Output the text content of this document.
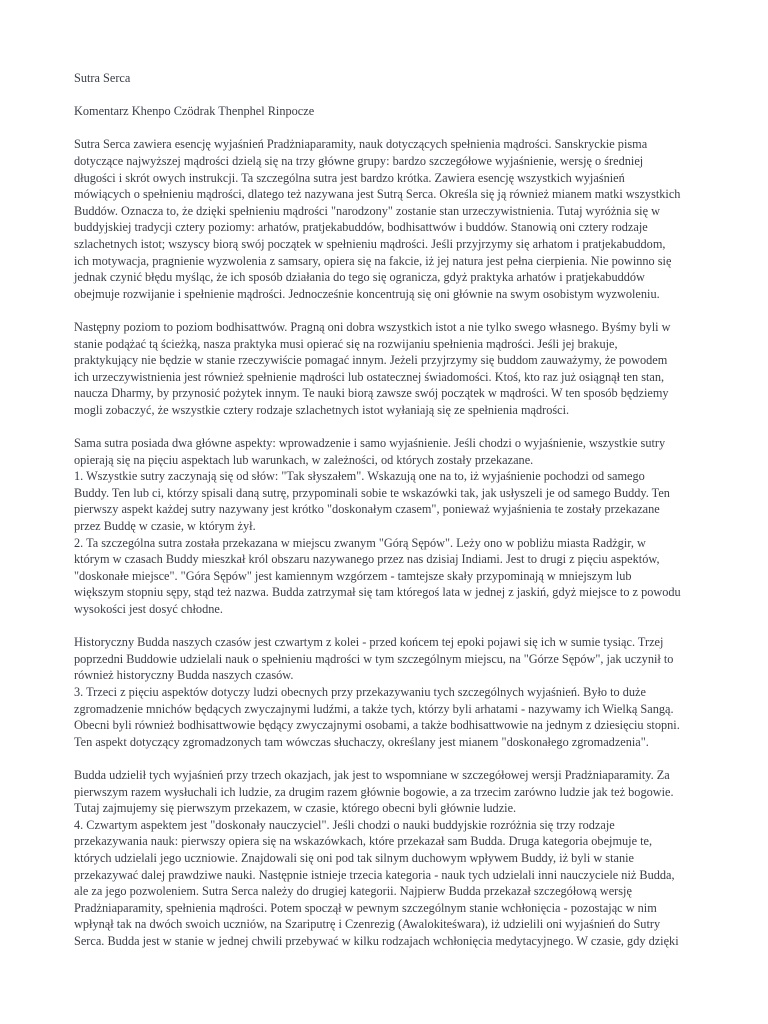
Sutra Serca
Komentarz Khenpo Czödrak Thenphel Rinpocze
Sutra Serca zawiera esencję wyjaśnień Pradżniaparamity, nauk dotyczących spełnienia mądrości. Sanskryckie pisma
dotyczące najwyższej mądrości dzielą się na trzy główne grupy: bardzo szczegółowe wyjaśnienie, wersję o średniej
długości i skrót owych instrukcji. Ta szczególna sutra jest bardzo krótka. Zawiera esencję wszystkich wyjaśnień
mówiących o spełnieniu mądrości, dlatego też nazywana jest Sutrą Serca. Określa się ją również mianem matki wszystkich
Buddów. Oznacza to, że dzięki spełnieniu mądrości "narodzony" zostanie stan urzeczywistnienia. Tutaj wyróżnia się w
buddyjskiej tradycji cztery poziomy: arhatów, pratjekabuddów, bodhisattwów i buddów. Stanowią oni cztery rodzaje
szlachetnych istot; wszyscy biorą swój początek w spełnieniu mądrości. Jeśli przyjrzymy się arhatom i pratjekabuddom,
ich motywacja, pragnienie wyzwolenia z samsary, opiera się na fakcie, iż jej natura jest pełna cierpienia. Nie powinno się
jednak czynić błędu myśląc, że ich sposób działania do tego się ogranicza, gdyż praktyka arhatów i pratjekabuddów
obejmuje rozwijanie i spełnienie mądrości. Jednocześnie koncentrują się oni głównie na swym osobistym wyzwoleniu.
Następny poziom to poziom bodhisattwów. Pragną oni dobra wszystkich istot a nie tylko swego własnego. Byśmy byli w
stanie podążać tą ścieżką, nasza praktyka musi opierać się na rozwijaniu spełnienia mądrości. Jeśli jej brakuje,
praktykujący nie będzie w stanie rzeczywiście pomagać innym. Jeżeli przyjrzymy się buddom zauważymy, że powodem
ich urzeczywistnienia jest również spełnienie mądrości lub ostatecznej świadomości. Ktoś, kto raz już osiągnął ten stan,
naucza Dharmy, by przynosić pożytek innym. Te nauki biorą zawsze swój początek w mądrości. W ten sposób będziemy
mogli zobaczyć, że wszystkie cztery rodzaje szlachetnych istot wyłaniają się ze spełnienia mądrości.
Sama sutra posiada dwa główne aspekty: wprowadzenie i samo wyjaśnienie. Jeśli chodzi o wyjaśnienie, wszystkie sutry
opierają się na pięciu aspektach lub warunkach, w zależności, od których zostały przekazane.
1. Wszystkie sutry zaczynają się od słów: "Tak słyszałem". Wskazują one na to, iż wyjaśnienie pochodzi od samego
Buddy. Ten lub ci, którzy spisali daną sutrę, przypominali sobie te wskazówki tak, jak usłyszeli je od samego Buddy. Ten
pierwszy aspekt każdej sutry nazywany jest krótko "doskonałym czasem", ponieważ wyjaśnienia te zostały przekazane
przez Buddę w czasie, w którym żył.
2. Ta szczególna sutra została przekazana w miejscu zwanym "Górą Sępów". Leży ono w pobliżu miasta Radżgir, w
którym w czasach Buddy mieszkał król obszaru nazywanego przez nas dzisiaj Indiami. Jest to drugi z pięciu aspektów,
"doskonałe miejsce". "Góra Sępów" jest kamiennym wzgórzem - tamtejsze skały przypominają w mniejszym lub
większym stopniu sępy, stąd też nazwa. Budda zatrzymał się tam któregoś lata w jednej z jaskiń, gdyż miejsce to z powodu
wysokości jest dosyć chłodne.
Historyczny Budda naszych czasów jest czwartym z kolei - przed końcem tej epoki pojawi się ich w sumie tysiąc. Trzej
poprzedni Buddowie udzielali nauk o spełnieniu mądrości w tym szczególnym miejscu, na "Górze Sępów", jak uczynił to
również historyczny Budda naszych czasów.
3. Trzeci z pięciu aspektów dotyczy ludzi obecnych przy przekazywaniu tych szczególnych wyjaśnień. Było to duże
zgromadzenie mnichów będących zwyczajnymi ludźmi, a także tych, którzy byli arhatami - nazywamy ich Wielką Sangą.
Obecni byli również bodhisattwowie będący zwyczajnymi osobami, a także bodhisattwowie na jednym z dziesięciu stopni.
Ten aspekt dotyczący zgromadzonych tam wówczas słuchaczy, określany jest mianem "doskonałego zgromadzenia".
Budda udzielił tych wyjaśnień przy trzech okazjach, jak jest to wspomniane w szczegółowej wersji Pradżniaparamity. Za
pierwszym razem wysłuchali ich ludzie, za drugim razem głównie bogowie, a za trzecim zarówno ludzie jak też bogowie.
Tutaj zajmujemy się pierwszym przekazem, w czasie, którego obecni byli głównie ludzie.
4. Czwartym aspektem jest "doskonały nauczyciel". Jeśli chodzi o nauki buddyjskie rozróżnia się trzy rodzaje
przekazywania nauk: pierwszy opiera się na wskazówkach, które przekazał sam Budda. Druga kategoria obejmuje te,
których udzielali jego uczniowie. Znajdowali się oni pod tak silnym duchowym wpływem Buddy, iż byli w stanie
przekazywać dalej prawdziwe nauki. Następnie istnieje trzecia kategoria - nauk tych udzielali inni nauczyciele niż Budda,
ale za jego pozwoleniem. Sutra Serca należy do drugiej kategorii. Najpierw Budda przekazał szczegółową wersję
Pradżniaparamity, spełnienia mądrości. Potem spoczął w pewnym szczególnym stanie wchłonięcia - pozostając w nim
wpłynął tak na dwóch swoich uczniów, na Szariputrę i Czenrezig (Awalokiteśwara), iż udzielili oni wyjaśnień do Sutry
Serca. Budda jest w stanie w jednej chwili przebywać w kilku rodzajach wchłonięcia medytacyjnego. W czasie, gdy dzięki
